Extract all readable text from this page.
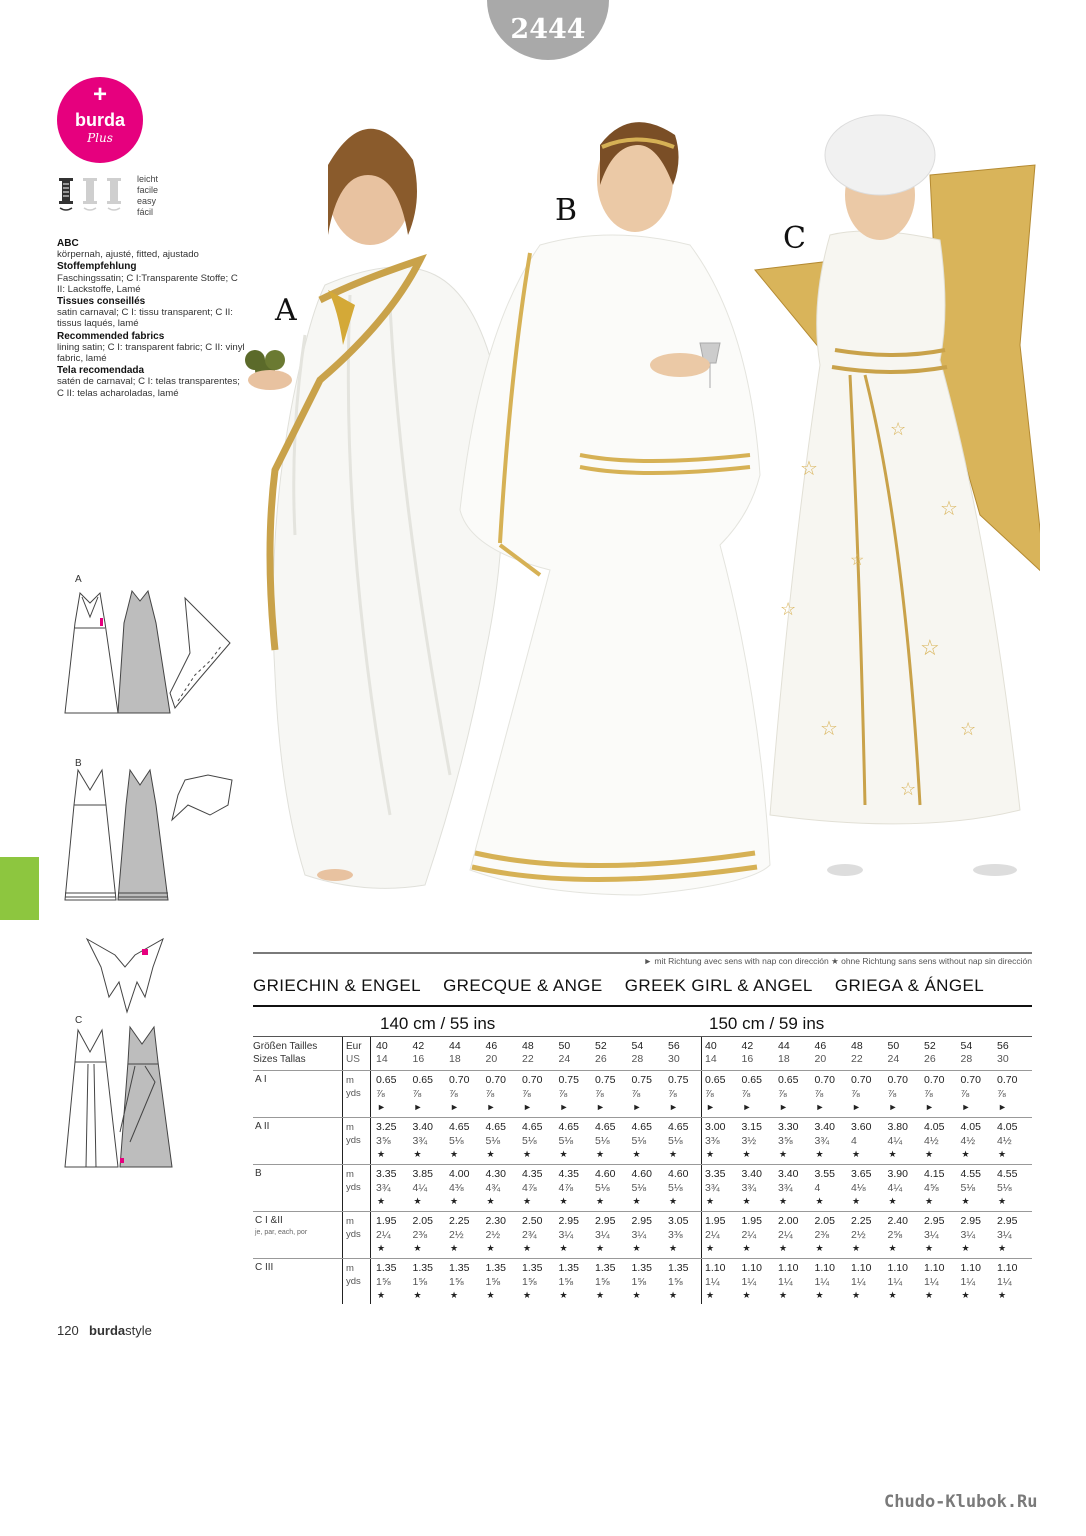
2444
+
burda
Plus
leicht
facile
easy
fácil
ABC
körpernah, ajusté, fitted, ajustado
Stoffempfehlung
Faschingssatin; C I:Transparente Stoffe; C II: Lackstoffe, Lamé
Tissues conseillés
satin carnaval; C I: tissu transparent; C II: tissus laqués, lamé
Recommended fabrics
lining satin; C I: transparent fabric; C II: vinyl fabric, lamé
Tela recomendada
satén de carnaval; C I: telas transparentes; C II: telas acharoladas, lamé
A
B
C
☆
☆
☆
☆
☆
☆	☆
☆
☆
A
B
C
► mit Richtung avec sens with nap con dirección ★ ohne Richtung sans sens without nap sin dirección
GRIECHIN & ENGEL GRECQUE & ANGE GREEK GIRL & ANGEL GRIEGA & ÁNGEL
140 cm / 55 ins	150 cm / 59 ins
Größen Tailles
Sizes Tallas
Eur
US
40	42	44	46	48	50	52	54	56	40	42	44	46	48	50	52	54	56
14	16	18	20	22	24	26	28	30	14	16	18	20	22	24	26	28	30
A I	m
yds
0.65	0.65	0.70	0.70	0.70	0.75	0.75	0.75	0.75	0.65	0.65	0.65	0.70	0.70	0.70	0.70	0.70	0.70
⅞	⅞	⅞	⅞	⅞	⅞	⅞	⅞	⅞	⅞	⅞	⅞	⅞	⅞	⅞	⅞	⅞	⅞
►	►	►	►	►	►	►	►	►	►	►	►	►	►	►	►	►	►
A II	m
yds
3.25	3.40	4.65	4.65	4.65	4.65	4.65	4.65	4.65	3.00	3.15	3.30	3.40	3.60	3.80	4.05	4.05	4.05
3⅝	3¾	5⅛	5⅛	5⅛	5⅛	5⅛	5⅛	5⅛	3⅜	3½	3⅝	3¾	4	4¼	4½	4½	4½
★	★	★	★	★	★	★	★	★	★	★	★	★	★	★	★	★	★
B	m
yds
3.35	3.85	4.00	4.30	4.35	4.35	4.60	4.60	4.60	3.35	3.40	3.40	3.55	3.65	3.90	4.15	4.55	4.55
3¾	4¼	4⅜	4¾	4⅞	4⅞	5⅛	5⅛	5⅛	3¾	3¾	3¾	4	4⅛	4¼	4⅝	5⅛	5⅛
★	★	★	★	★	★	★	★	★	★	★	★	★	★	★	★	★	★
C I &II
je, par, each, por
m
yds
1.95	2.05	2.25	2.30	2.50	2.95	2.95	2.95	3.05	1.95	1.95	2.00	2.05	2.25	2.40	2.95	2.95	2.95
2¼	2⅜	2½	2½	2¾	3¼	3¼	3¼	3⅜	2¼	2¼	2¼	2⅜	2½	2⅝	3¼	3¼	3¼
★	★	★	★	★	★	★	★	★	★	★	★	★	★	★	★	★	★
C III	m
yds
1.35	1.35	1.35	1.35	1.35	1.35	1.35	1.35	1.35	1.10	1.10	1.10	1.10	1.10	1.10	1.10	1.10	1.10
1⅝	1⅝	1⅝	1⅝	1⅝	1⅝	1⅝	1⅝	1⅝	1¼	1¼	1¼	1¼	1¼	1¼	1¼	1¼	1¼
★	★	★	★	★	★	★	★	★	★	★	★	★	★	★	★	★	★
120 burdastyle
Chudo-Klubok.Ru
